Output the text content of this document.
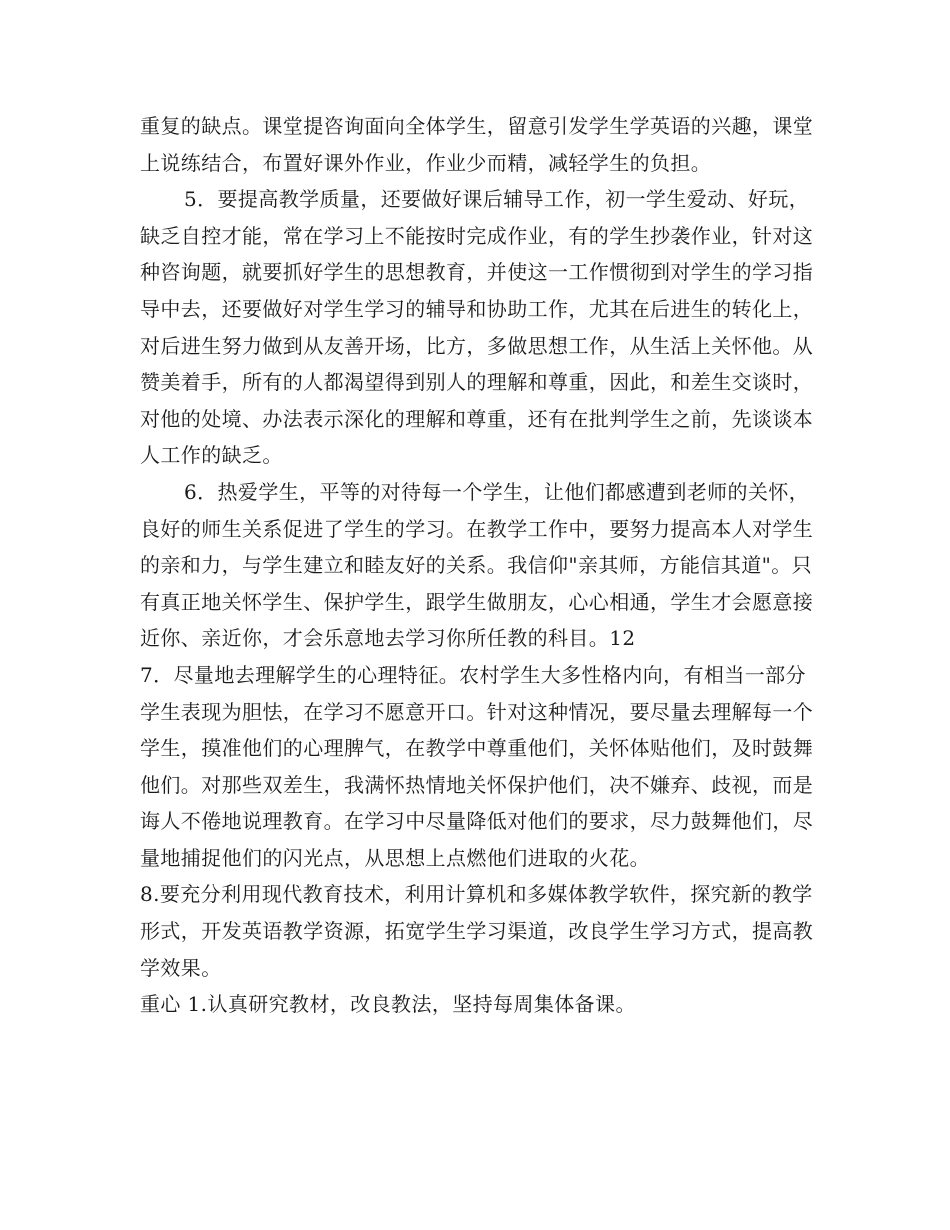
重复的缺点。课堂提咨询面向全体学生，留意引发学生学英语的兴趣，课堂上说练结合，布置好课外作业，作业少而精，减轻学生的负担。

5．要提高教学质量，还要做好课后辅导工作，初一学生爱动、好玩，缺乏自控才能，常在学习上不能按时完成作业，有的学生抄袭作业，针对这种咨询题，就要抓好学生的思想教育，并使这一工作惯彻到对学生的学习指导中去，还要做好对学生学习的辅导和协助工作，尤其在后进生的转化上，对后进生努力做到从友善开场，比方，多做思想工作，从生活上关怀他。从赞美着手，所有的人都渴望得到别人的理解和尊重，因此，和差生交谈时，对他的处境、办法表示深化的理解和尊重，还有在批判学生之前，先谈谈本人工作的缺乏。

6．热爱学生，平等的对待每一个学生，让他们都感遭到老师的关怀，良好的师生关系促进了学生的学习。在教学工作中，要努力提高本人对学生的亲和力，与学生建立和睦友好的关系。我信仰"亲其师，方能信其道"。只有真正地关怀学生、保护学生，跟学生做朋友，心心相通，学生才会愿意接近你、亲近你，才会乐意地去学习你所任教的科目。12

7．尽量地去理解学生的心理特征。农村学生大多性格内向，有相当一部分学生表现为胆怯，在学习不愿意开口。针对这种情况，要尽量去理解每一个学生，摸准他们的心理脾气，在教学中尊重他们，关怀体贴他们，及时鼓舞他们。对那些双差生，我满怀热情地关怀保护他们，决不嫌弃、歧视，而是诲人不倦地说理教育。在学习中尽量降低对他们的要求，尽力鼓舞他们，尽量地捕捉他们的闪光点，从思想上点燃他们进取的火花。

8.要充分利用现代教育技术，利用计算机和多媒体教学软件，探究新的教学形式，开发英语教学资源，拓宽学生学习渠道，改良学生学习方式，提高教学效果。

重心 1.认真研究教材，改良教法，坚持每周集体备课。
